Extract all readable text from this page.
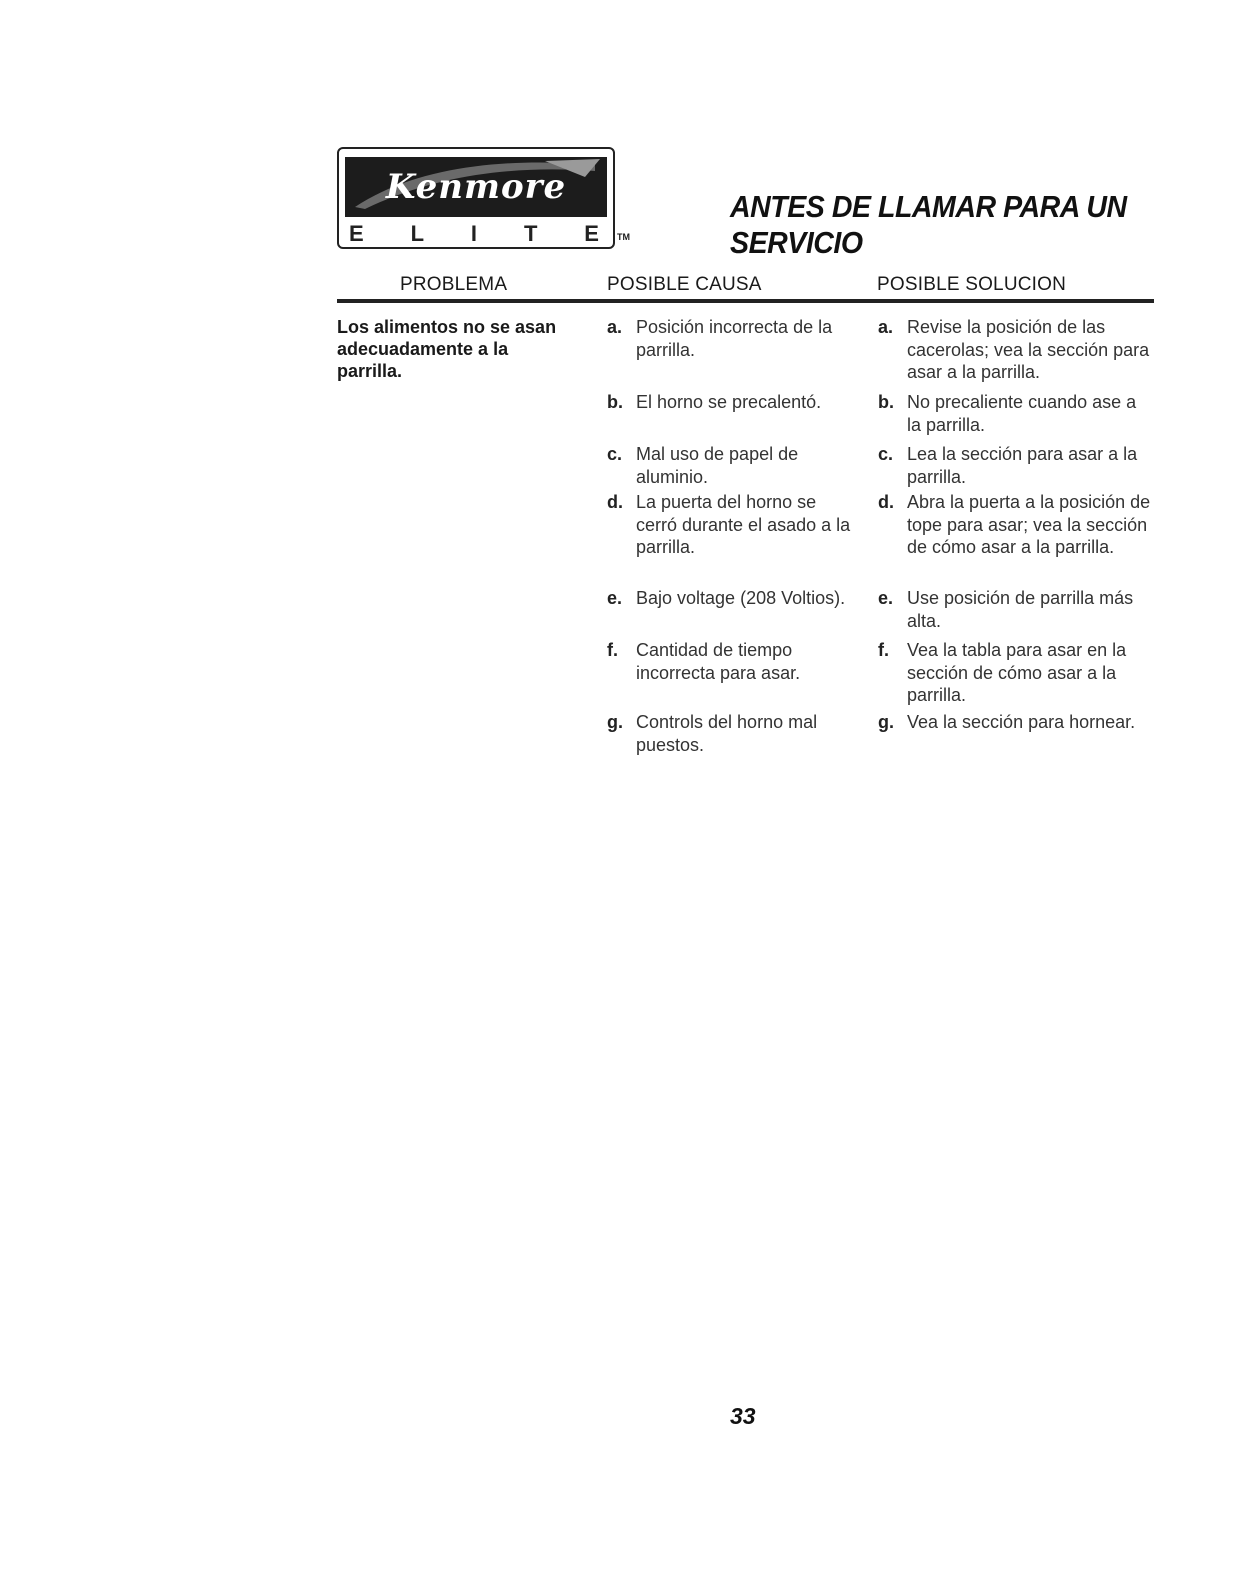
Kenmore
E L I T E TM
ANTES DE LLAMAR PARA UN
SERVICIO
PROBLEMA	POSIBLE CAUSA	POSIBLE SOLUCION
Los alimentos no se asan adecuadamente a la parrilla.
a. Posición incorrecta de la parrilla.
b. El horno se precalentó.
c. Mal uso de papel de aluminio.
d. La puerta del horno se cerró durante el asado a la parrilla.
e. Bajo voltage (208 Voltios).
f. Cantidad de tiempo incorrecta para asar.
g. Controls del horno mal puestos.
a. Revise la posición de las cacerolas; vea la sección para asar a la parrilla.
b. No precaliente cuando ase a la parrilla.
c. Lea la sección para asar a la parrilla.
d. Abra la puerta a la posición de tope para asar; vea la sección de cómo asar a la parrilla.
e. Use posición de parrilla más alta.
f. Vea la tabla para asar en la sección de cómo asar a la parrilla.
g. Vea la sección para hornear.
33
